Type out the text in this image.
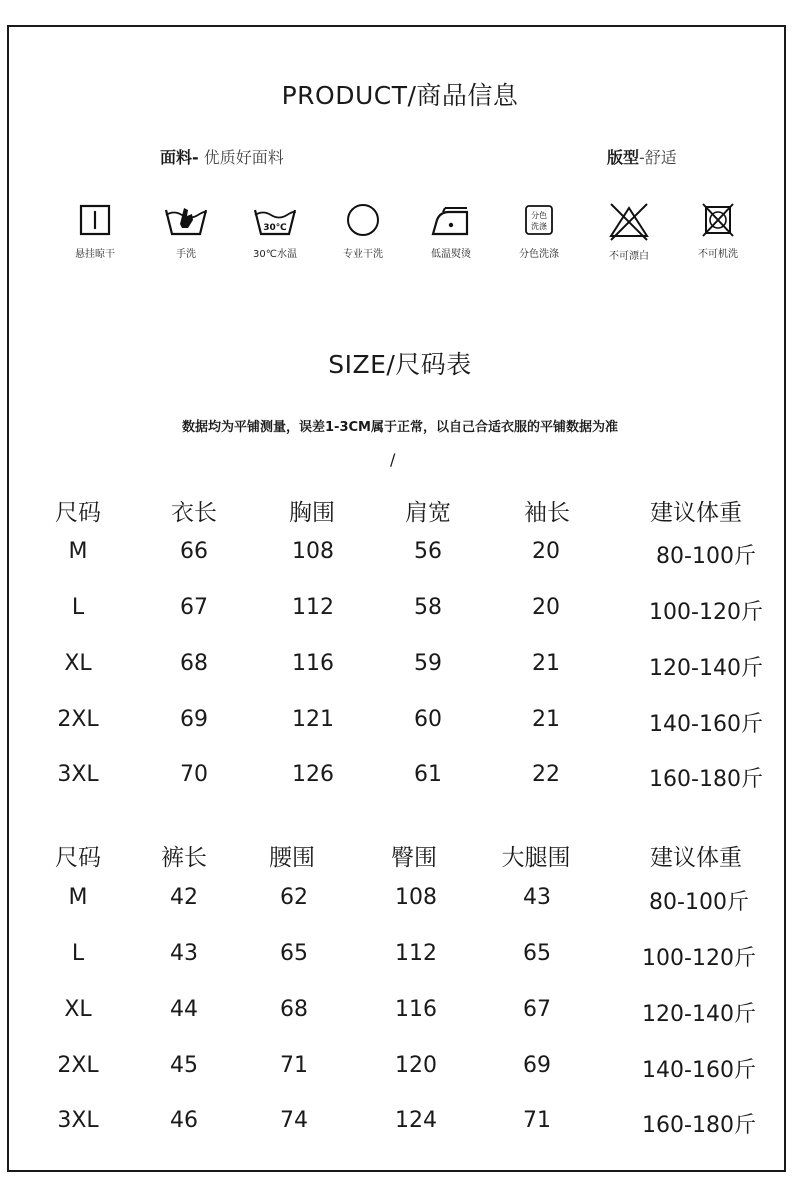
PRODUCT/商品信息
面料- 优质好面料	版型-舒适
悬挂晾干	手洗
30℃
30℃水温	专业干洗	低温熨烫
分色
洗涤
分色洗涤	不可漂白	不可机洗
SIZE/尺码表
数据均为平铺测量，误差1-3CM属于正常，以自己合适衣服的平铺数据为准
/
尺码	衣长	胸围	肩宽	袖长	建议体重
M	66	108	56	20	80-100斤
L	67	112	58	20	100-120斤
XL	68	116	59	21	120-140斤
2XL	69	121	60	21	140-160斤
3XL	70	126	61	22	160-180斤
尺码	裤长	腰围	臀围	大腿围	建议体重
M	42	62	108	43	80-100斤
L	43	65	112	65	100-120斤
XL	44	68	116	67	120-140斤
2XL	45	71	120	69	140-160斤
3XL	46	74	124	71	160-180斤
